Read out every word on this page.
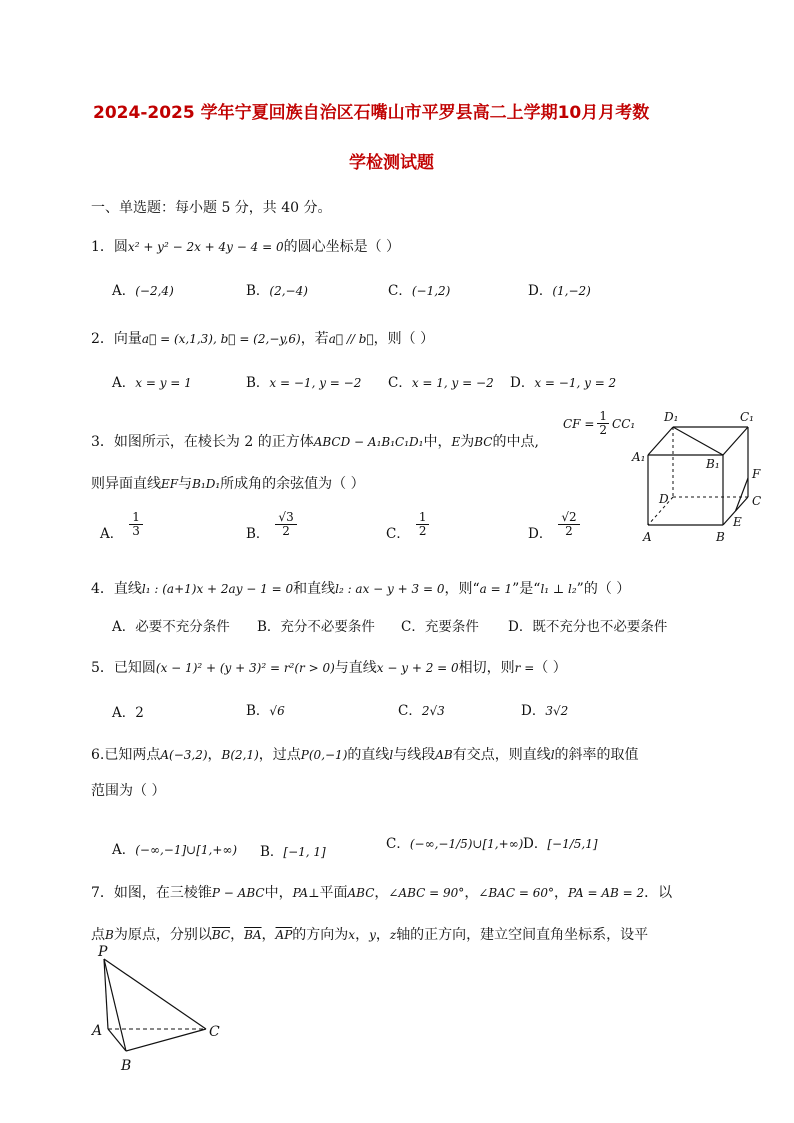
2024-2025 学年宁夏回族自治区石嘴山市平罗县高二上学期10月月考数
学检测试题
一、单选题：每小题 5 分，共 40 分。
1．圆x² + y² − 2x + 4y − 4 = 0的圆心坐标是（ ）
A．(−2,4)	B．(2,−4)	C．(−1,2)	D．(1,−2)
2．向量a⃗ = (x,1,3), b⃗ = (2,−y,6)，若a⃗ // b⃗，则（ ）
A．x = y = 1	B．x = −1, y = −2 C．x = 1, y = −2 D．x = −1, y = 2
3．如图所示，在棱长为 2 的正方体ABCD − A₁B₁C₁D₁中，E为BC的中点,
CF = $\frac{1}{2} CC_1$
则异面直线EF与B₁D₁所成角的余弦值为（ ）
A． $\frac{1}{3}$	B． $\frac{√3}{2}$	C． $\frac{1}{2}$	D． $\frac{√2}{2}$
D₁	C₁
A₁	B₁
F
D	C
E
A	B
4．直线l₁ : (a+1)x + 2ay − 1 = 0和直线l₂ : ax − y + 3 = 0，则“a = 1”是“l₁ ⊥ l₂”的（ ）
A．必要不充分条件 B．充分不必要条件 C．充要条件 D．既不充分也不必要条件
5．已知圆(x − 1)² + (y + 3)² = r²(r > 0)与直线x − y + 2 = 0相切，则r =（ ）
A．2	B．√6	C．2√3	D．3√2
6.已知两点A(−3,2)，B(2,1)，过点P(0,−1)的直线l与线段AB有交点，则直线l的斜率的取值
范围为（ ）
A．(−∞,−1]∪[1,+∞) B．[−1, 1]	C．(−∞,−1/5)∪[1,+∞) D．[−1/5,1]
7．如图，在三棱锥P − ABC中，PA⊥平面ABC，∠ABC = 90°，∠BAC = 60°，PA = AB = 2．以
点B为原点，分别以$\overline{BC}$，$\overline{BA}$，$\overline{AP}$的方向为x，y，z轴的正方向，建立空间直角坐标系，设平
P
A	C
B
